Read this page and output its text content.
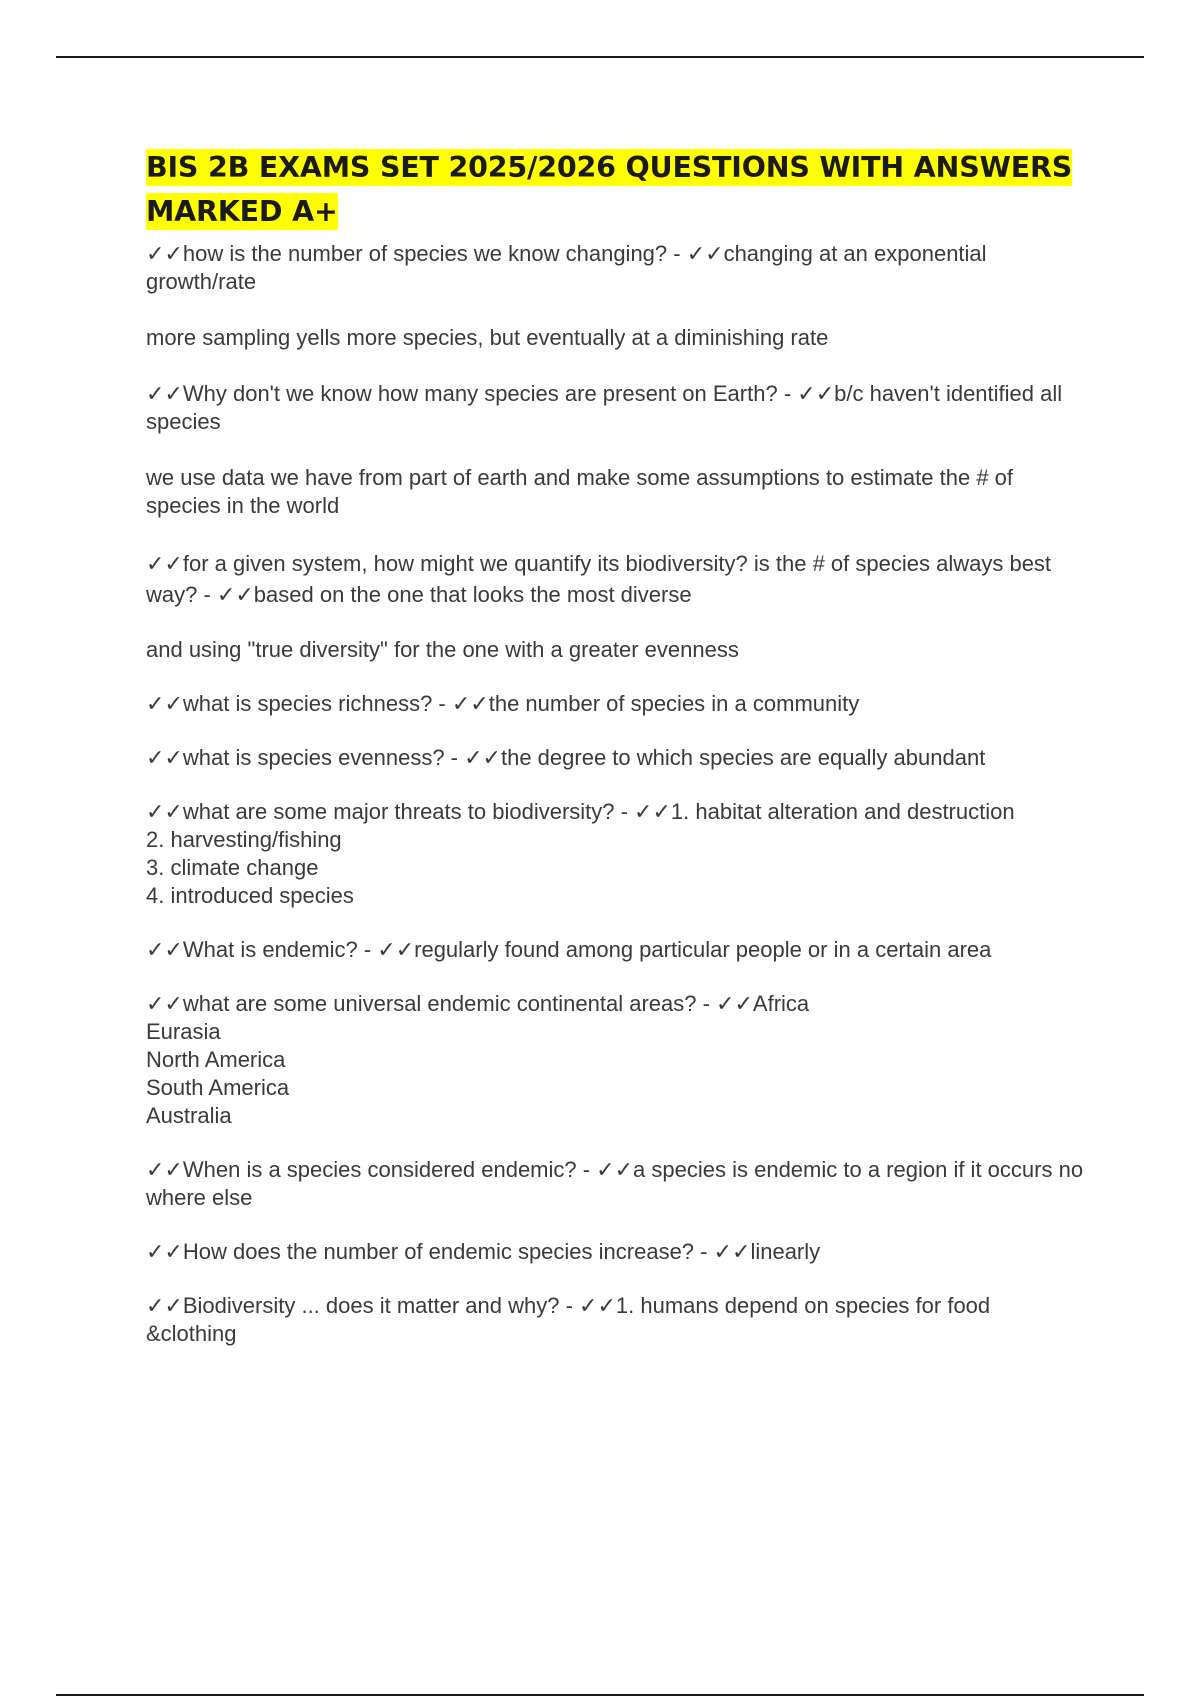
BIS 2B EXAMS SET 2025/2026 QUESTIONS WITH ANSWERS MARKED A+

✓✓how is the number of species we know changing? - ✓✓changing at an exponential growth/rate

more sampling yells more species, but eventually at a diminishing rate

✓✓Why don't we know how many species are present on Earth? - ✓✓b/c haven't identified all species

we use data we have from part of earth and make some assumptions to estimate the # of species in the world

✓✓for a given system, how might we quantify its biodiversity? is the # of species always best way? - ✓✓based on the one that looks the most diverse

and using "true diversity" for the one with a greater evenness

✓✓what is species richness? - ✓✓the number of species in a community

✓✓what is species evenness? - ✓✓the degree to which species are equally abundant

✓✓what are some major threats to biodiversity? - ✓✓1. habitat alteration and destruction
2. harvesting/fishing
3. climate change
4. introduced species

✓✓What is endemic? - ✓✓regularly found among particular people or in a certain area

✓✓what are some universal endemic continental areas? - ✓✓Africa
Eurasia
North America
South America
Australia

✓✓When is a species considered endemic? - ✓✓a species is endemic to a region if it occurs no where else

✓✓How does the number of endemic species increase? - ✓✓linearly

✓✓Biodiversity ... does it matter and why? - ✓✓1. humans depend on species for food &clothing
